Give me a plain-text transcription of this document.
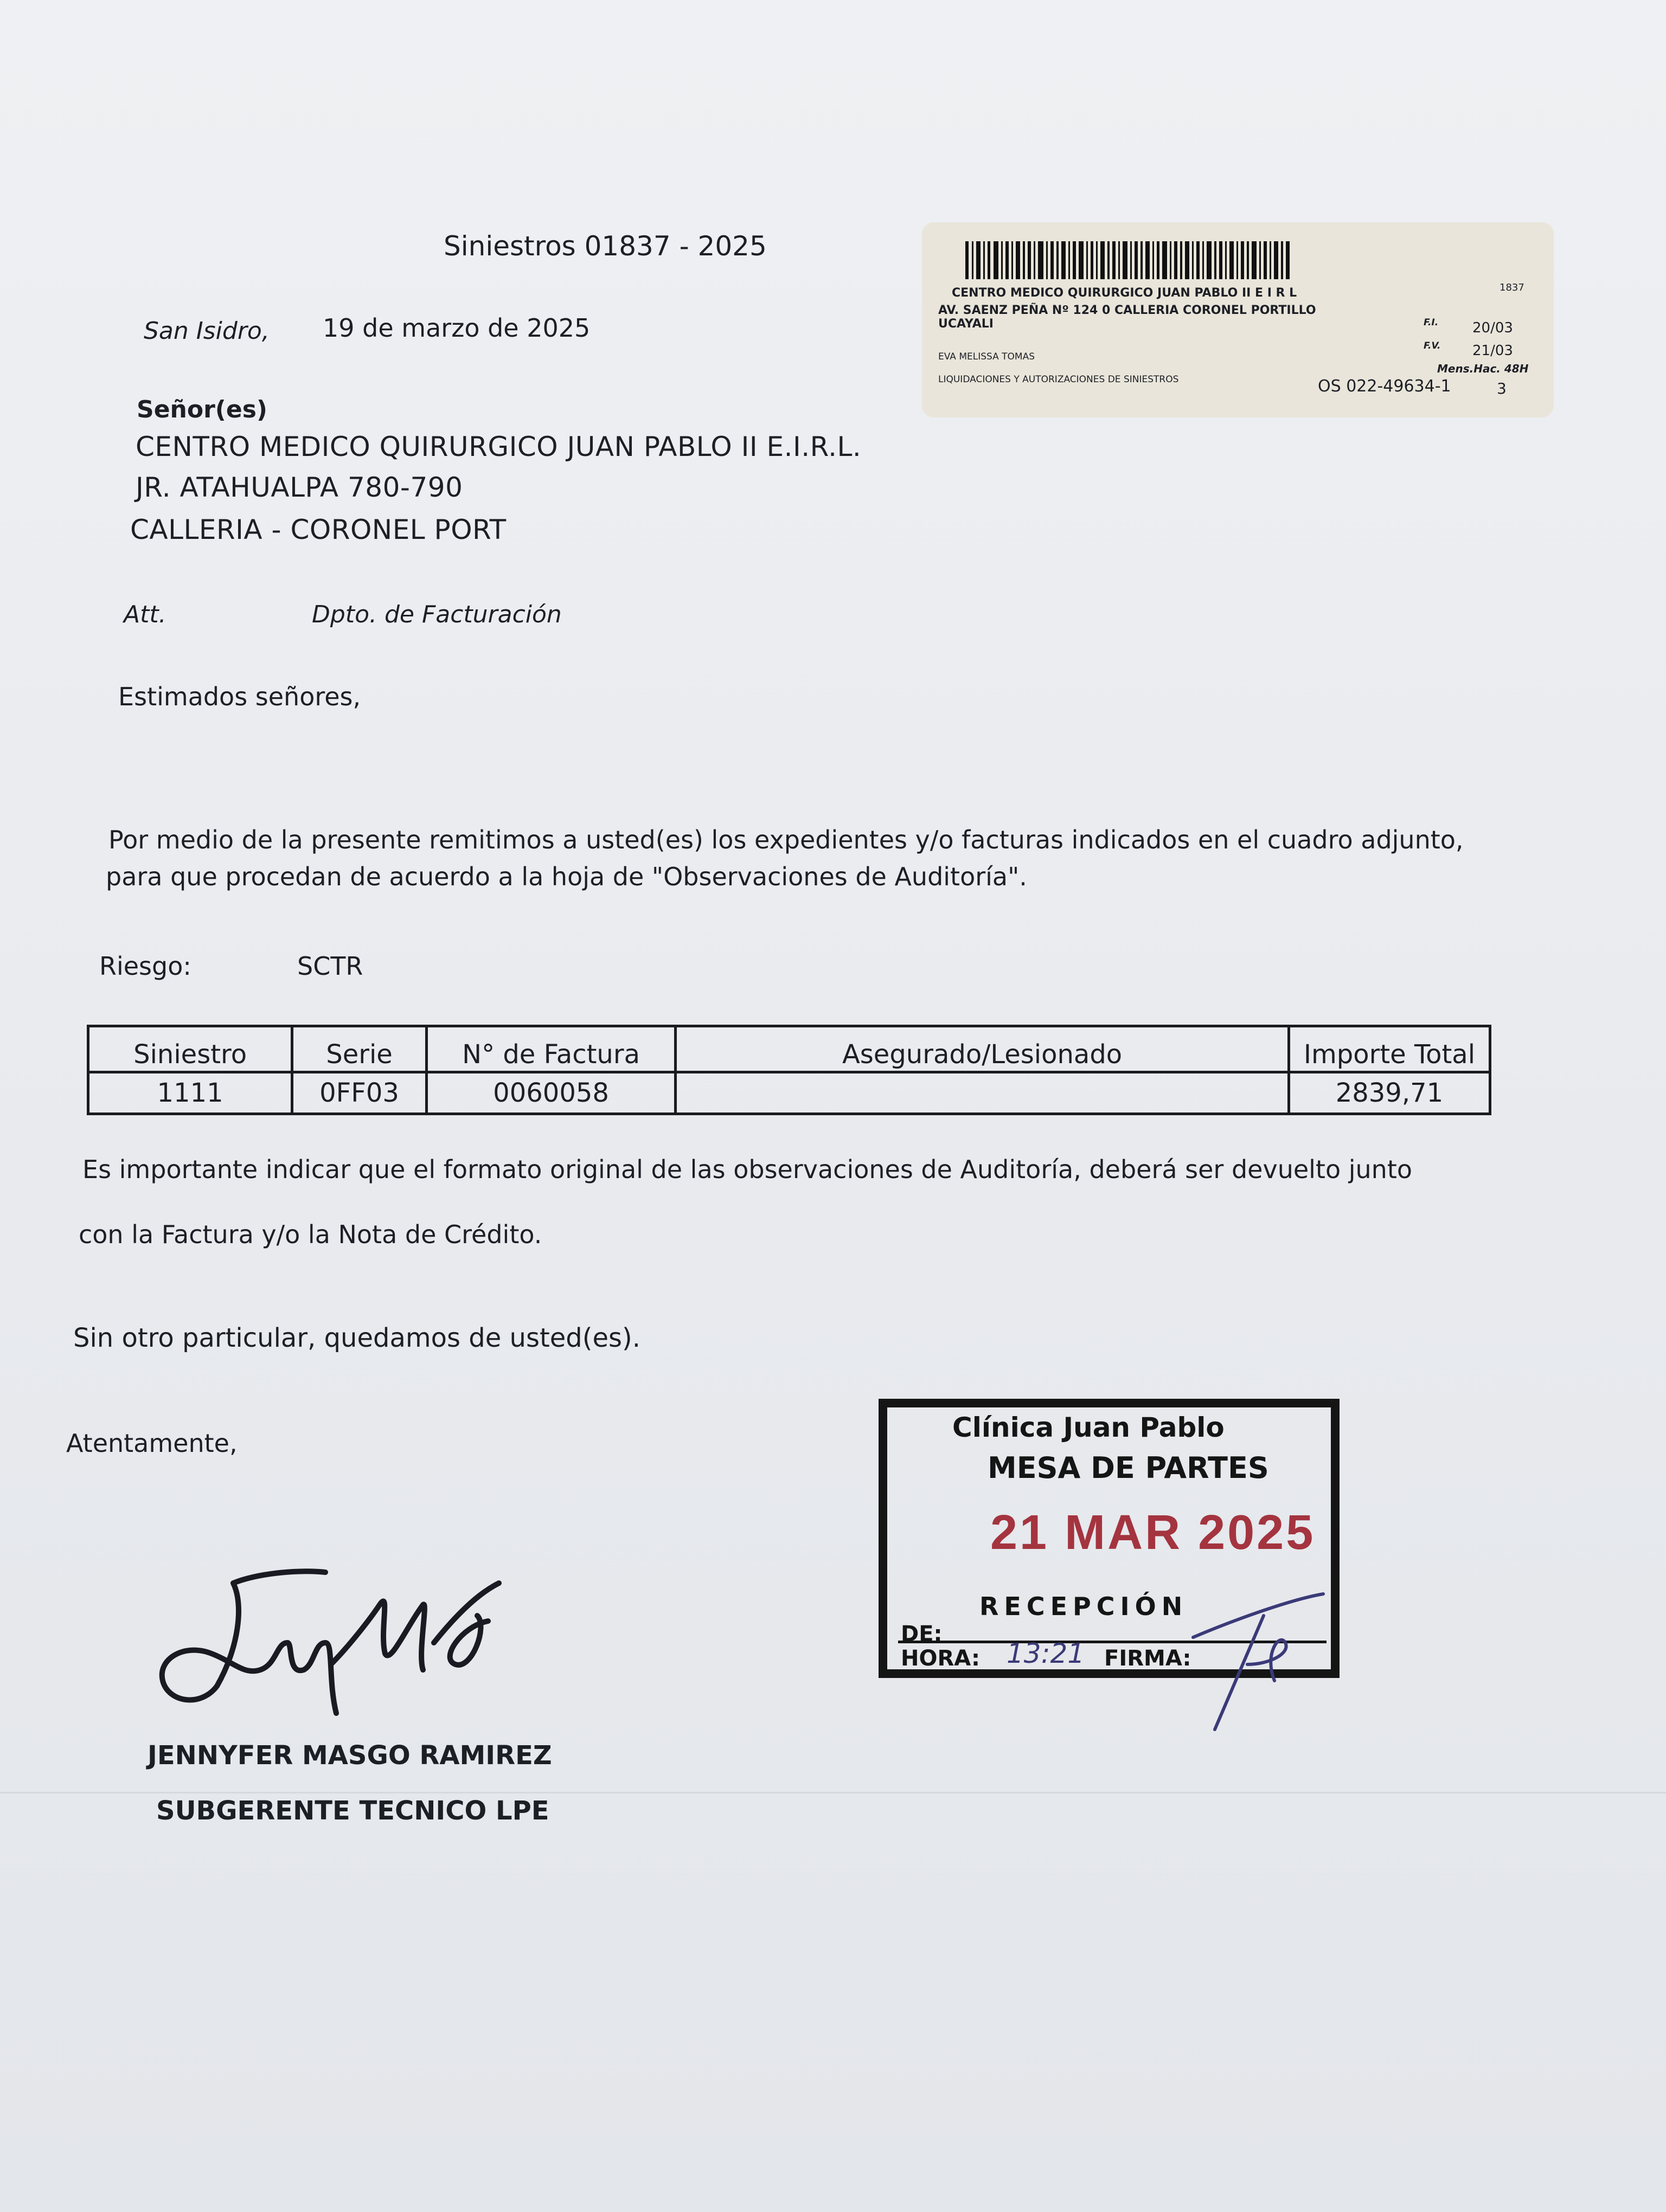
Siniestros 01837 - 2025
San Isidro, 19 de marzo de 2025
1837
CENTRO MEDICO QUIRURGICO JUAN PABLO II E I R L
AV. SAENZ PEÑA Nº 124 0 CALLERIA CORONEL PORTILLO
UCAYALI	F.I. 20/03
F.V. 21/03
Mens.Hac. 48H
EVA MELISSA TOMAS
LIQUIDACIONES Y AUTORIZACIONES DE SINIESTROS	OS 022-49634-1	3
Señor(es)
CENTRO MEDICO QUIRURGICO JUAN PABLO II E.I.R.L.
JR. ATAHUALPA 780-790
CALLERIA - CORONEL PORT
Att.	Dpto. de Facturación
Estimados señores,
Por medio de la presente remitimos a usted(es) los expedientes y/o facturas indicados en el cuadro adjunto,
para que procedan de acuerdo a la hoja de "Observaciones de Auditoría".
Riesgo:	SCTR
Siniestro	Serie	N° de Factura	Asegurado/Lesionado	Importe Total
1111	0FF03	0060058		2839,71
Es importante indicar que el formato original de las observaciones de Auditoría, deberá ser devuelto junto
con la Factura y/o la Nota de Crédito.
Sin otro particular, quedamos de usted(es).
Atentamente,
JENNYFER MASGO RAMIREZ
SUBGERENTE TECNICO LPE
Clínica Juan Pablo
MESA DE PARTES
21 MAR 2025
RECEPCIÓN
DE:
HORA: 13:21 FIRMA:
